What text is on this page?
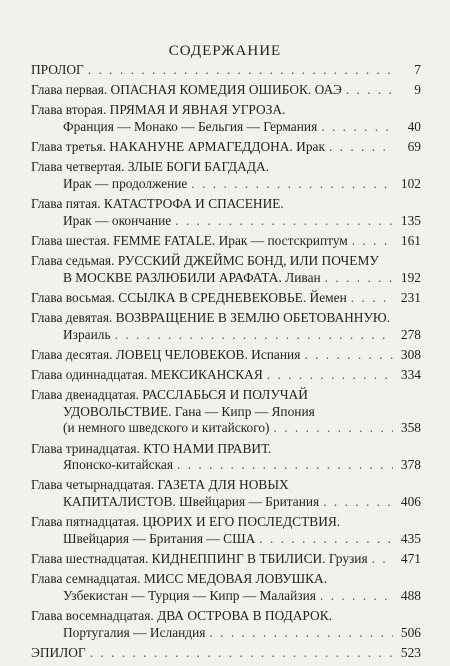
СОДЕРЖАНИЕ
ПРОЛОГ . . .	7
Глава первая. ОПАСНАЯ КОМЕДИЯ ОШИБОК. ОАЭ . . .	9
Глава вторая. ПРЯМАЯ И ЯВНАЯ УГРОЗА.
Франция — Монако — Бельгия — Германия . . .	40
Глава третья. НАКАНУНЕ АРМАГЕДДОНА. Ирак . . .	69
Глава четвертая. ЗЛЫЕ БОГИ БАГДАДА.
Ирак — продолжение . . .	102
Глава пятая. КАТАСТРОФА И СПАСЕНИЕ.
Ирак — окончание . . .	135
Глава шестая. FEMME FATALE. Ирак — постскриптум . . .	161
Глава седьмая. РУССКИЙ ДЖЕЙМС БОНД, ИЛИ ПОЧЕМУ
В МОСКВЕ РАЗЛЮБИЛИ АРАФАТА. Ливан . . .	192
Глава восьмая. ССЫЛКА В СРЕДНЕВЕКОВЬЕ. Йемен . . .	231
Глава девятая. ВОЗВРАЩЕНИЕ В ЗЕМЛЮ ОБЕТОВАННУЮ.
Израиль . . .	278
Глава десятая. ЛОВЕЦ ЧЕЛОВЕКОВ. Испания . . .	308
Глава одиннадцатая. МЕКСИКАНСКАЯ . . .	334
Глава двенадцатая. РАССЛАБЬСЯ И ПОЛУЧАЙ
УДОВОЛЬСТВИЕ. Гана — Кипр — Япония
(и немного шведского и китайского) . . .	358
Глава тринадцатая. КТО НАМИ ПРАВИТ.
Японско-китайская . . .	378
Глава четырнадцатая. ГАЗЕТА ДЛЯ НОВЫХ
КАПИТАЛИСТОВ. Швейцария — Британия . . .	406
Глава пятнадцатая. ЦЮРИХ И ЕГО ПОСЛЕДСТВИЯ.
Швейцария — Британия — США . . .	435
Глава шестнадцатая. КИДНЕППИНГ В ТБИЛИСИ. Грузия . . . 471
Глава семнадцатая. МИСС МЕДОВАЯ ЛОВУШКА.
Узбекистан — Турция — Кипр — Малайзия . . .	488
Глава восемнадцатая. ДВА ОСТРОВА В ПОДАРОК.
Португалия — Исландия . . .	506
ЭПИЛОГ . . .	523
